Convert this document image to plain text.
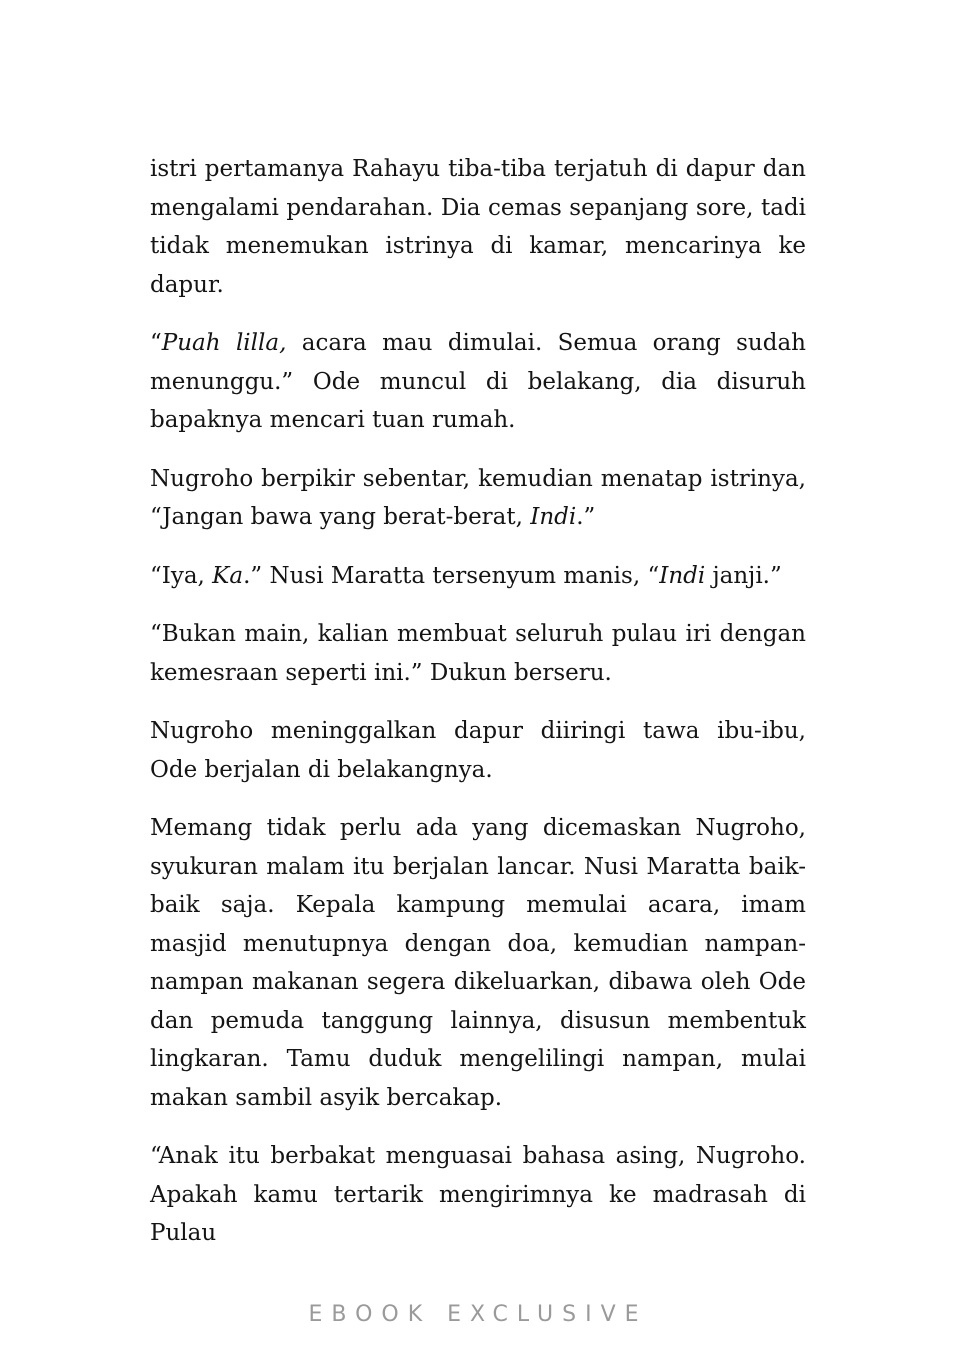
istri pertamanya Rahayu tiba-tiba terjatuh di dapur dan mengalami pendarahan. Dia cemas sepanjang sore, tadi tidak menemukan istrinya di kamar, mencarinya ke dapur.

“Puah lilla, acara mau dimulai. Semua orang sudah menunggu.” Ode muncul di belakang, dia disuruh bapaknya mencari tuan rumah.

Nugroho berpikir sebentar, kemudian menatap istrinya, “Jangan bawa yang berat-berat, Indi.”

“Iya, Ka.” Nusi Maratta tersenyum manis, “Indi janji.”

“Bukan main, kalian membuat seluruh pulau iri dengan kemesraan seperti ini.” Dukun berseru.

Nugroho meninggalkan dapur diiringi tawa ibu-ibu, Ode berjalan di belakangnya.

Memang tidak perlu ada yang dicemaskan Nugroho, syukuran malam itu berjalan lancar. Nusi Maratta baik-baik saja. Kepala kampung memulai acara, imam masjid menutupnya dengan doa, kemudian nampan-nampan makanan segera dikeluarkan, dibawa oleh Ode dan pemuda tanggung lainnya, disusun membentuk lingkaran. Tamu duduk mengelilingi nampan, mulai makan sambil asyik bercakap.

“Anak itu berbakat menguasai bahasa asing, Nugroho. Apakah kamu tertarik mengirimnya ke madrasah di Pulau

EBOOK EXCLUSIVE
